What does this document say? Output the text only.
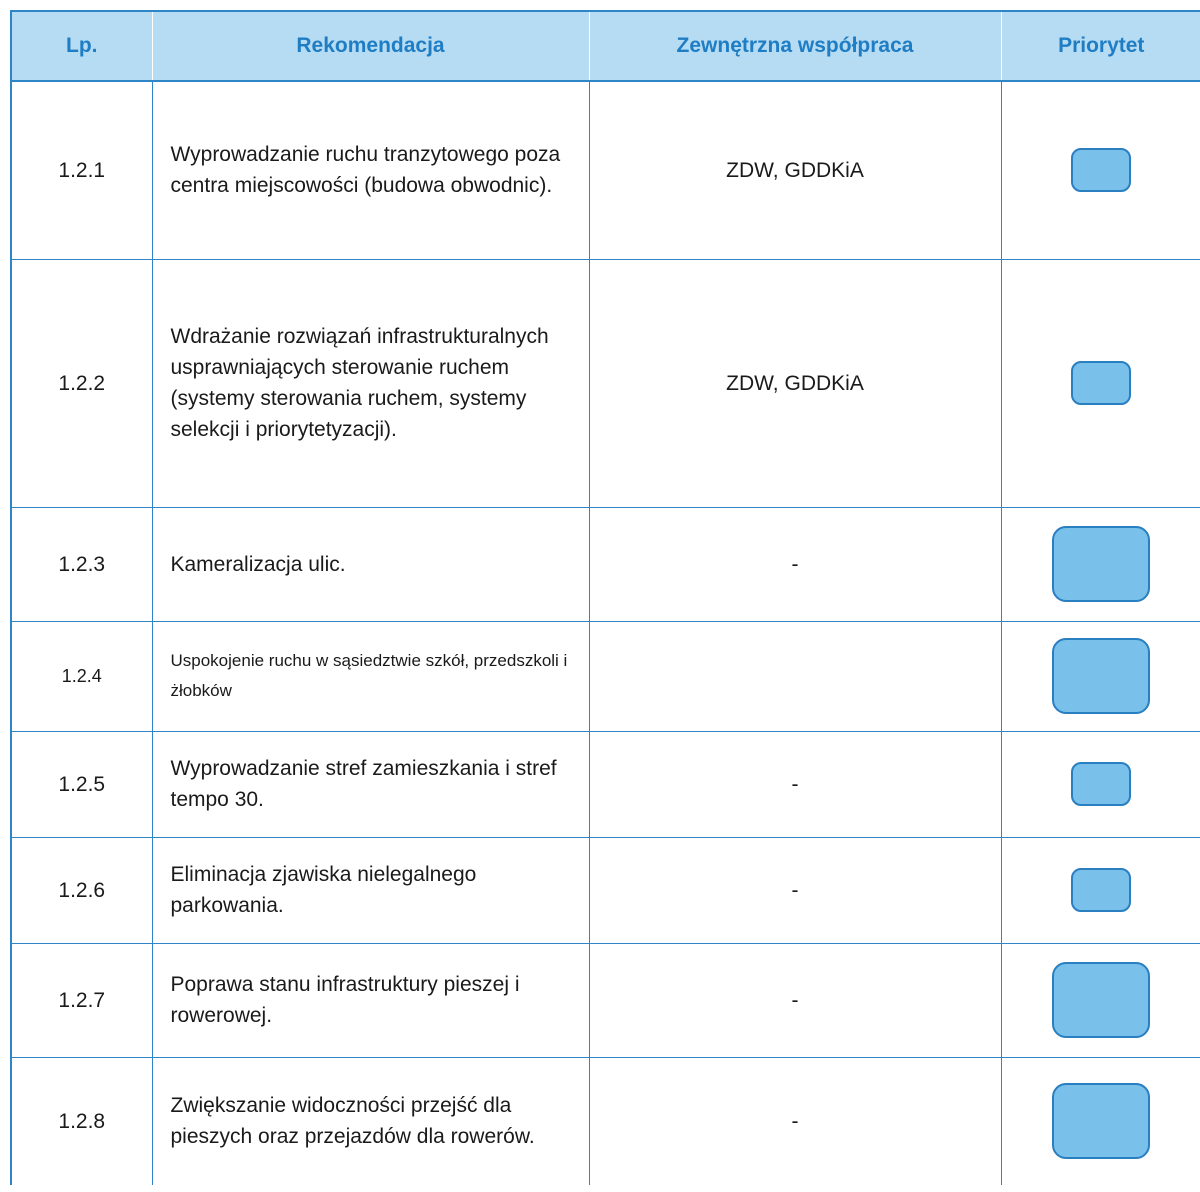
Lp.	Rekomendacja	Zewnętrzna współpraca	Priorytet
1.2.1	Wyprowadzanie ruchu tranzytowego poza centra miejscowości (budowa obwodnic).	ZDW, GDDKiA	
1.2.2	Wdrażanie rozwiązań infrastrukturalnych usprawniających sterowanie ruchem (systemy sterowania ruchem, systemy selekcji i priorytetyzacji).	ZDW, GDDKiA	
1.2.3	Kameralizacja ulic.	-	
1.2.4	Uspokojenie ruchu w sąsiedztwie szkół, przedszkoli i żłobków		
1.2.5	Wyprowadzanie stref zamieszkania i stref tempo 30.	-	
1.2.6	Eliminacja zjawiska nielegalnego parkowania.	-	
1.2.7	Poprawa stanu infrastruktury pieszej i rowerowej.	-	
1.2.8	Zwiększanie widoczności przejść dla pieszych oraz przejazdów dla rowerów.	-	
